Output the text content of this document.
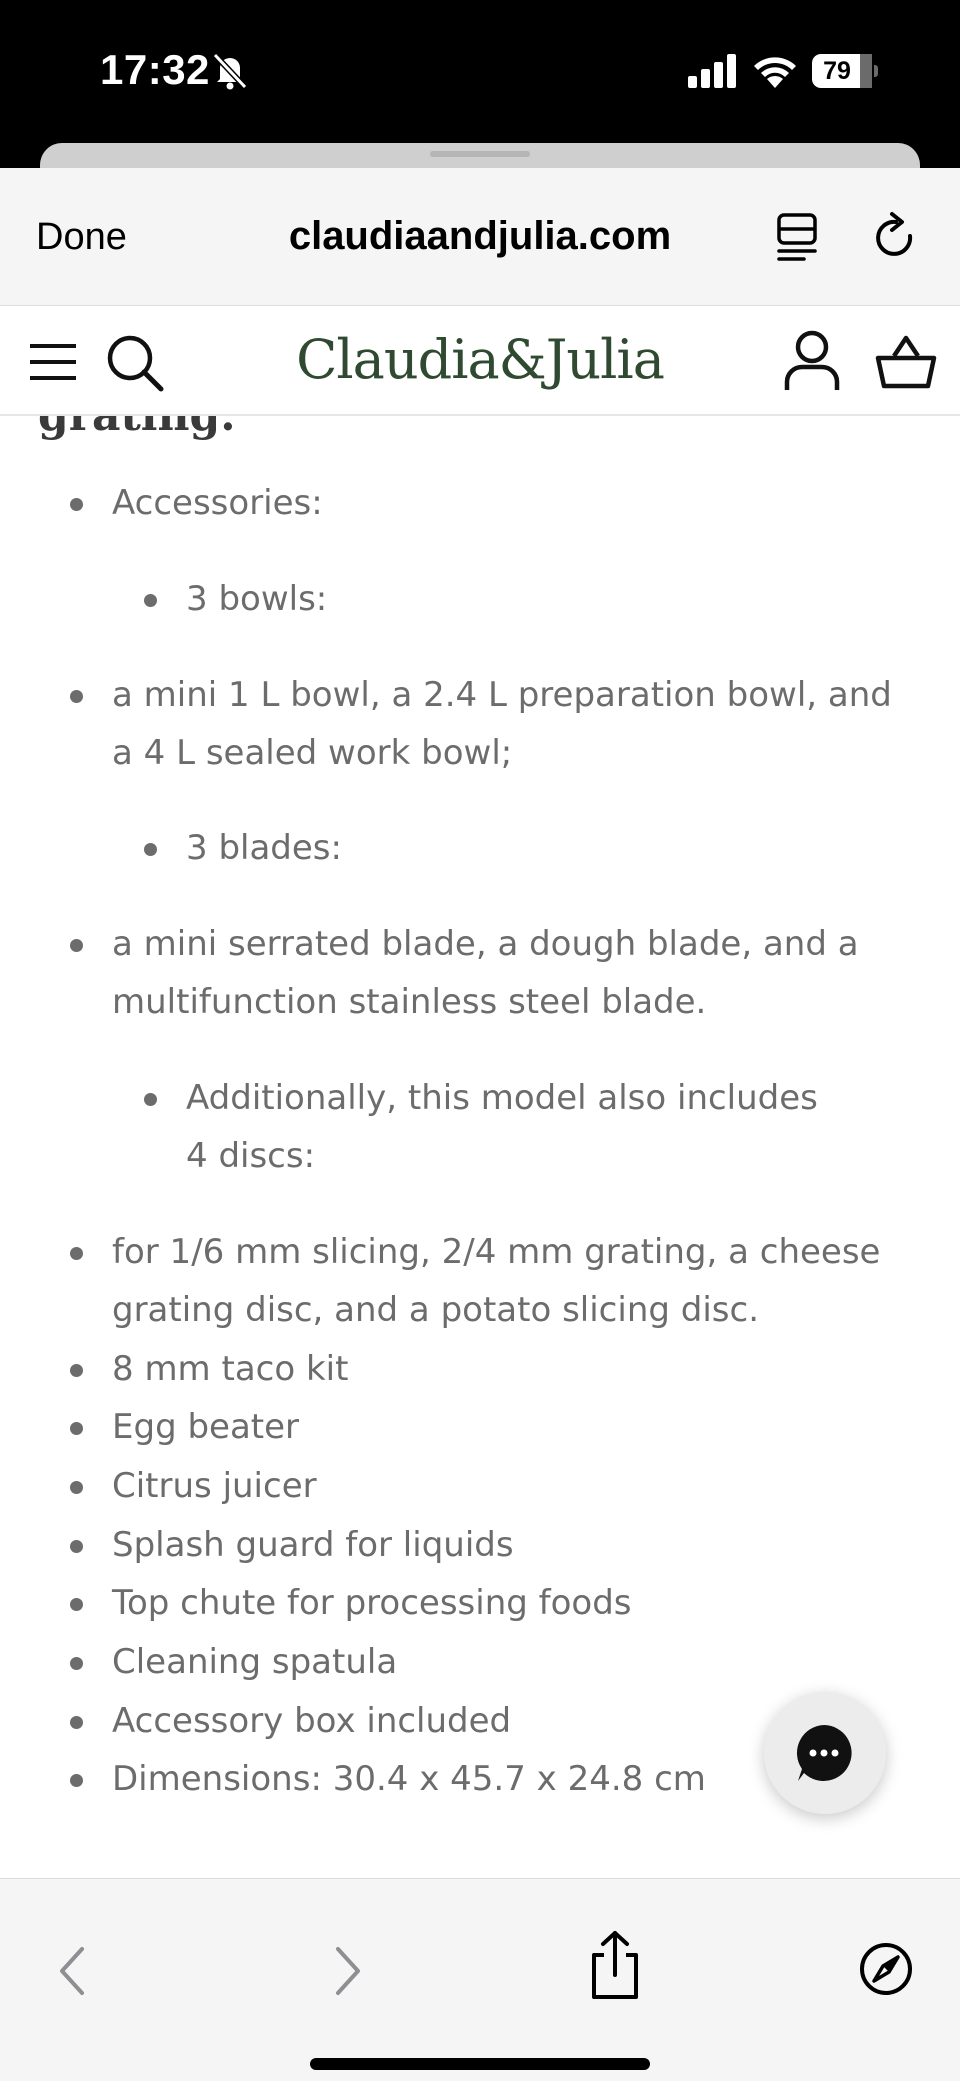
17:32	79
Done	claudiaandjulia.com
Claudia&Julia
Accessories:
3 bowls:
a mini 1 L bowl, a 2.4 L preparation bowl, and a 4 L sealed work bowl;
3 blades:
a mini serrated blade, a dough blade, and a multifunction stainless steel blade.
Additionally, this model also includes 4 discs:
for 1/6 mm slicing, 2/4 mm grating, a cheese grating disc, and a potato slicing disc.
8 mm taco kit
Egg beater
Citrus juicer
Splash guard for liquids
Top chute for processing foods
Cleaning spatula
Accessory box included
Dimensions: 30.4 x 45.7 x 24.8 cm
